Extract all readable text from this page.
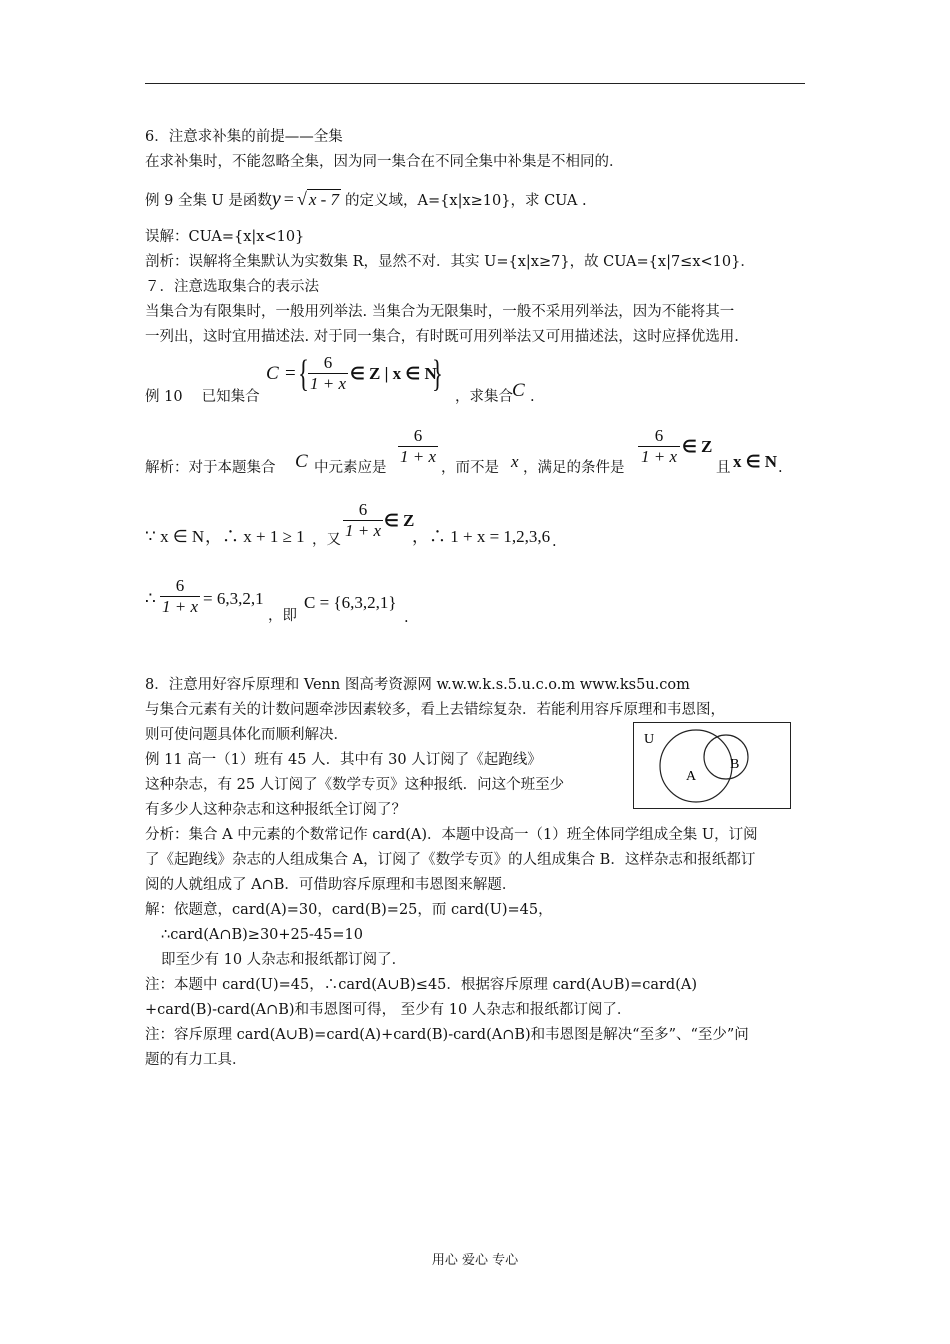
6．注意求补集的前提——全集
在求补集时，不能忽略全集，因为同一集合在不同全集中补集是不相同的．
例 9 全集 U 是函数y = √ x - 7 的定义域，A={x|x≥10}，求 CUA .
误解：CUA={x|x<10}
剖析：误解将全集默认为实数集 R，显然不对．其实 U={x|x≥7}，故 CUA={x|7≤x<10}．
７．注意选取集合的表示法
当集合为有限集时，一般用列举法. 当集合为无限集时，一般不采用列举法，因为不能将其一
一列出，这时宜用描述法. 对于同一集合，有时既可用列举法又可用描述法，这时应择优选用.
例 10　 已知集合
C = { 6
1 + x
∈ Z | x ∈ N
}
，求集合 C .
解析：对于本题集合 C 中元素应是
6
1 + x
，而不是 x ，满足的条件是
6
1 + x
∈ Z
且 x ∈ N .
∵ x ∈ N ，∴ x + 1 ≥ 1 ，又
6
1 + x
∈ Z
，∴ 1 + x = 1,2,3,6 .
∴
6
1 + x = 6,3,2,1
，即
C = {6,3,2,1}
.
8．注意用好容斥原理和 Venn 图高考资源网 w.w.w.k.s.5.u.c.o.m www.ks5u.com
与集合元素有关的计数问题牵涉因素较多，看上去错综复杂．若能利用容斥原理和韦恩图，
则可使问题具体化而顺利解决．
例 11 高一（1）班有 45 人．其中有 30 人订阅了《起跑线》
这种杂志，有 25 人订阅了《数学专页》这种报纸．问这个班至少
有多少人这种杂志和这种报纸全订阅了？
U
A
B
分析：集合 A 中元素的个数常记作 card(A)．本题中设高一（1）班全体同学组成全集 U，订阅
了《起跑线》杂志的人组成集合 A，订阅了《数学专页》的人组成集合 B．这样杂志和报纸都订
阅的人就组成了 A∩B．可借助容斥原理和韦恩图来解题．
解：依题意，card(A)=30，card(B)=25，而 card(U)=45，
∴card(A∩B)≥30+25-45=10
即至少有 10 人杂志和报纸都订阅了．
注：本题中 card(U)=45，∴card(A∪B)≤45．根据容斥原理 card(A∪B)=card(A)
+card(B)-card(A∩B)和韦恩图可得， 至少有 10 人杂志和报纸都订阅了．
注：容斥原理 card(A∪B)=card(A)+card(B)-card(A∩B)和韦恩图是解决“至多”、“至少”问
题的有力工具．
用心 爱心 专心
